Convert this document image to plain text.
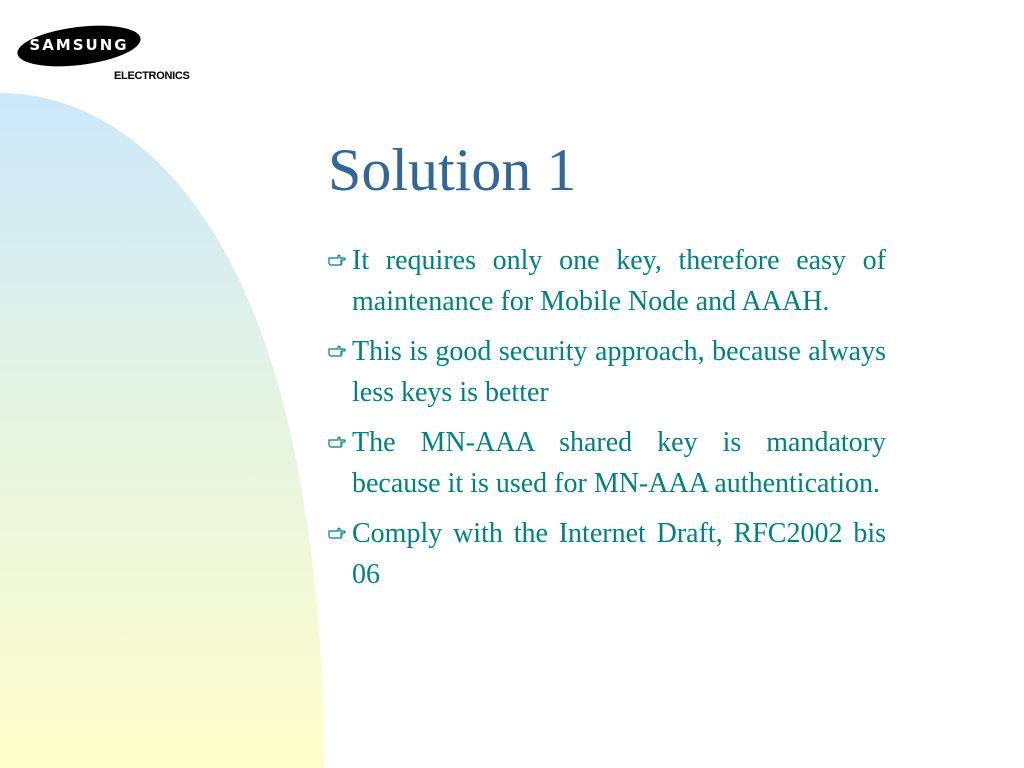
SAMSUNG
ELECTRONICS
Solution 1
It requires only one key, therefore easy of maintenance for Mobile Node and AAAH.
This is good security approach, because always less keys is better
The MN-AAA shared key is mandatory because it is used for MN-AAA authentication.
Comply with the Internet Draft, RFC2002 bis 06
